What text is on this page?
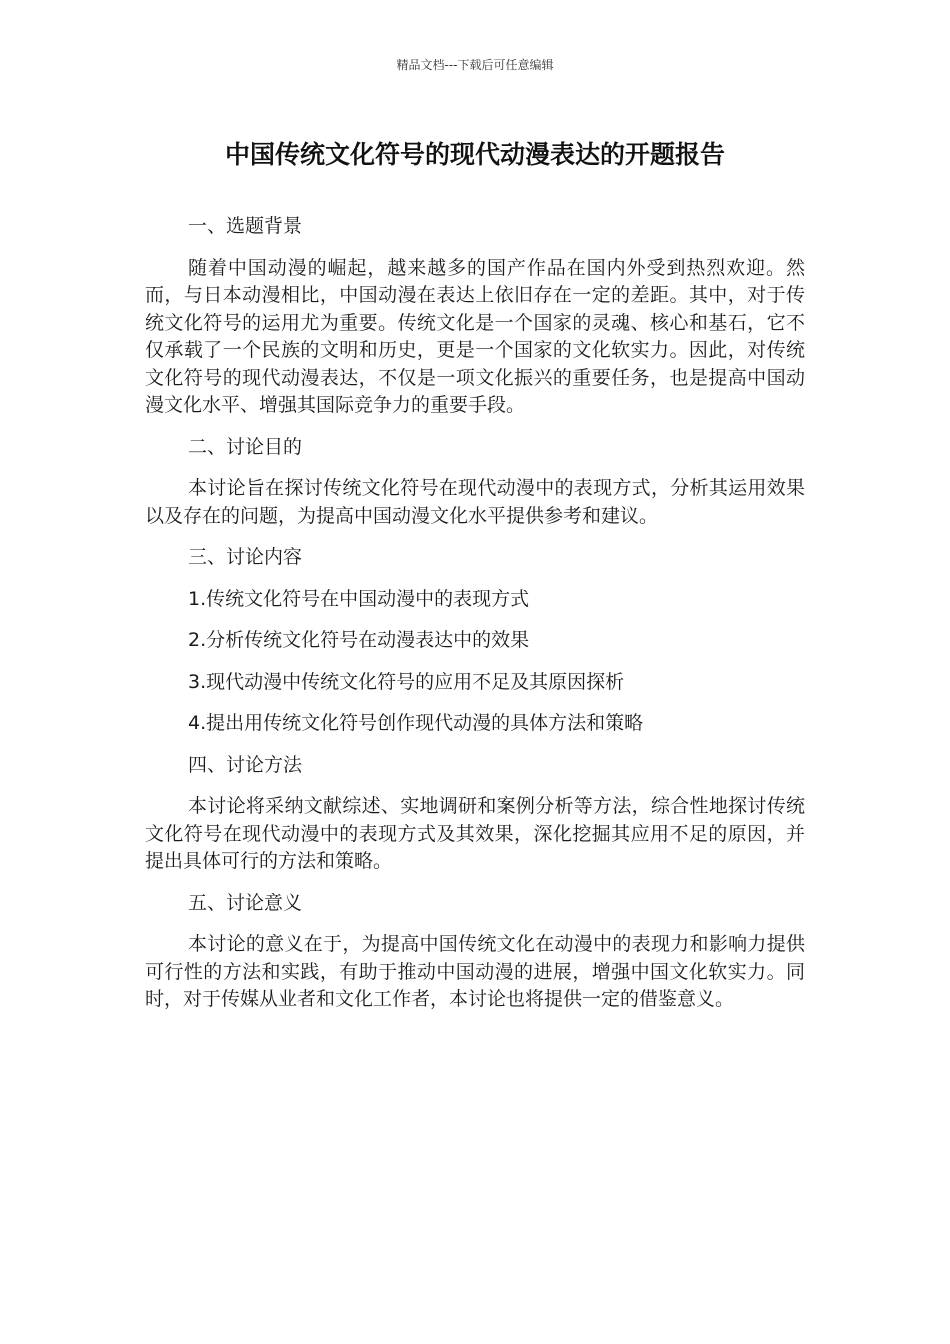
精品文档---下载后可任意编辑
中国传统文化符号的现代动漫表达的开题报告
一、选题背景
随着中国动漫的崛起，越来越多的国产作品在国内外受到热烈欢迎。然而，与日本动漫相比，中国动漫在表达上依旧存在一定的差距。其中，对于传统文化符号的运用尤为重要。传统文化是一个国家的灵魂、核心和基石，它不仅承载了一个民族的文明和历史，更是一个国家的文化软实力。因此，对传统文化符号的现代动漫表达，不仅是一项文化振兴的重要任务，也是提高中国动漫文化水平、增强其国际竞争力的重要手段。
二、讨论目的
本讨论旨在探讨传统文化符号在现代动漫中的表现方式，分析其运用效果以及存在的问题，为提高中国动漫文化水平提供参考和建议。
三、讨论内容
1.传统文化符号在中国动漫中的表现方式
2.分析传统文化符号在动漫表达中的效果
3.现代动漫中传统文化符号的应用不足及其原因探析
4.提出用传统文化符号创作现代动漫的具体方法和策略
四、讨论方法
本讨论将采纳文献综述、实地调研和案例分析等方法，综合性地探讨传统文化符号在现代动漫中的表现方式及其效果，深化挖掘其应用不足的原因，并提出具体可行的方法和策略。
五、讨论意义
本讨论的意义在于，为提高中国传统文化在动漫中的表现力和影响力提供可行性的方法和实践，有助于推动中国动漫的进展，增强中国文化软实力。同时，对于传媒从业者和文化工作者，本讨论也将提供一定的借鉴意义。
